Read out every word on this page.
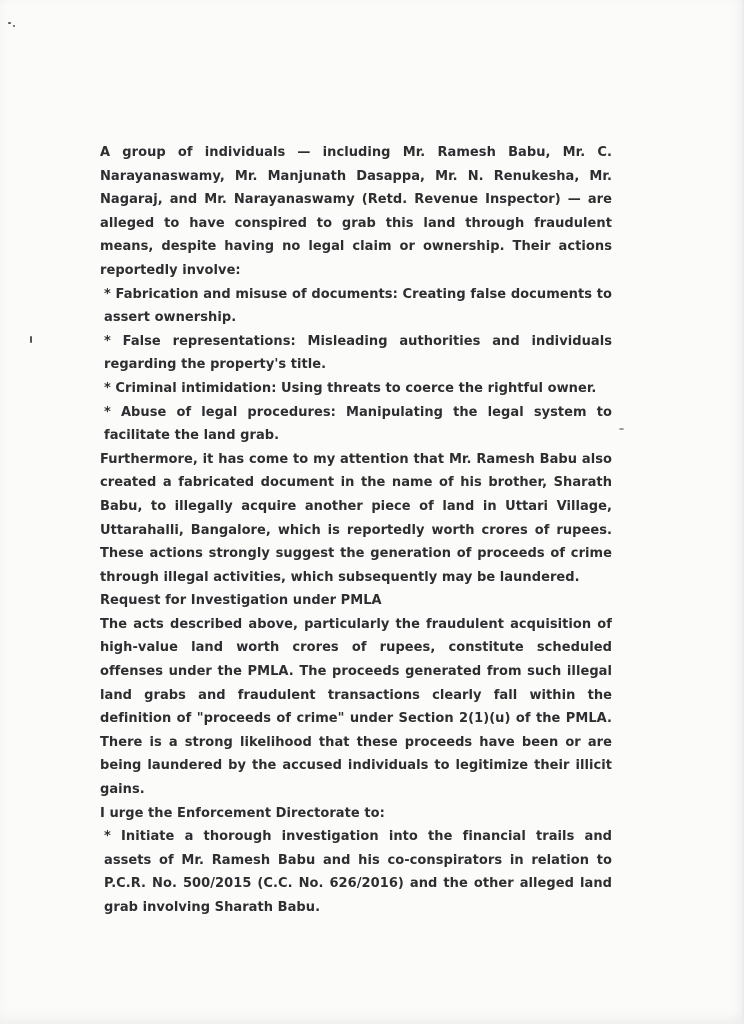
A group of individuals — including Mr. Ramesh Babu, Mr. C. Narayanaswamy, Mr. Manjunath Dasappa, Mr. N. Renukesha, Mr. Nagaraj, and Mr. Narayanaswamy (Retd. Revenue Inspector) — are alleged to have conspired to grab this land through fraudulent means, despite having no legal claim or ownership. Their actions reportedly involve:

* Fabrication and misuse of documents: Creating false documents to assert ownership.

* False representations: Misleading authorities and individuals regarding the property's title.

* Criminal intimidation: Using threats to coerce the rightful owner.

* Abuse of legal procedures: Manipulating the legal system to facilitate the land grab.

Furthermore, it has come to my attention that Mr. Ramesh Babu also created a fabricated document in the name of his brother, Sharath Babu, to illegally acquire another piece of land in Uttari Village, Uttarahalli, Bangalore, which is reportedly worth crores of rupees. These actions strongly suggest the generation of proceeds of crime through illegal activities, which subsequently may be laundered.

Request for Investigation under PMLA

The acts described above, particularly the fraudulent acquisition of high-value land worth crores of rupees, constitute scheduled offenses under the PMLA. The proceeds generated from such illegal land grabs and fraudulent transactions clearly fall within the definition of "proceeds of crime" under Section 2(1)(u) of the PMLA. There is a strong likelihood that these proceeds have been or are being laundered by the accused individuals to legitimize their illicit gains.

I urge the Enforcement Directorate to:

* Initiate a thorough investigation into the financial trails and assets of Mr. Ramesh Babu and his co-conspirators in relation to P.C.R. No. 500/2015 (C.C. No. 626/2016) and the other alleged land grab involving Sharath Babu.
